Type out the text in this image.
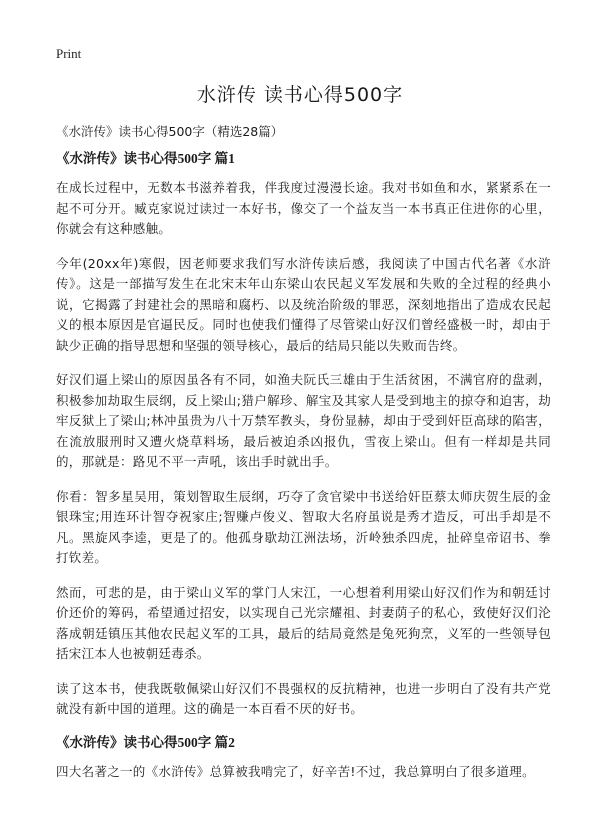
Print
水浒传 读书心得500字

《水浒传》读书心得500字（精选28篇）

《水浒传》读书心得500字 篇1

在成长过程中，无数本书滋养着我，伴我度过漫漫长途。我对书如鱼和水，紧紧系在一起不可分开。臧克家说过读过一本好书，像交了一个益友当一本书真正住进你的心里，你就会有这种感触。

今年(20xx年)寒假，因老师要求我们写水浒传读后感，我阅读了中国古代名著《水浒传》。这是一部描写发生在北宋末年山东梁山农民起义军发展和失败的全过程的经典小说，它揭露了封建社会的黑暗和腐朽、以及统治阶级的罪恶，深刻地指出了造成农民起义的根本原因是官逼民反。同时也使我们懂得了尽管梁山好汉们曾经盛极一时，却由于缺少正确的指导思想和坚强的领导核心，最后的结局只能以失败而告终。

好汉们逼上梁山的原因虽各有不同，如渔夫阮氏三雄由于生活贫困，不满官府的盘剥，积极参加劫取生辰纲，反上梁山;猎户解珍、解宝及其家人是受到地主的掠夺和迫害，劫牢反狱上了梁山;林冲虽贵为八十万禁军教头，身份显赫，却由于受到奸臣高球的陷害，在流放服刑时又遭火烧草料场，最后被迫杀凶报仇，雪夜上梁山。但有一样却是共同的，那就是：路见不平一声吼，该出手时就出手。

你看：智多星吴用，策划智取生辰纲，巧夺了贪官梁中书送给奸臣蔡太师庆贺生辰的金银珠宝;用连环计智夺祝家庄;智赚卢俊义、智取大名府虽说是秀才造反，可出手却是不凡。黑旋风李逵，更是了的。他孤身歇劫江洲法场，沂岭独杀四虎，扯碎皇帝诏书、拳打钦差。

然而，可悲的是，由于梁山义军的掌门人宋江，一心想着利用梁山好汉们作为和朝廷讨价还价的筹码，希望通过招安，以实现自己光宗耀祖、封妻荫子的私心，致使好汉们沦落成朝廷镇压其他农民起义军的工具，最后的结局竟然是兔死狗烹，义军的一些领导包括宋江本人也被朝廷毒杀。

读了这本书，使我既敬佩梁山好汉们不畏强权的反抗精神，也进一步明白了没有共产党就没有新中国的道理。这的确是一本百看不厌的好书。

《水浒传》读书心得500字 篇2

四大名著之一的《水浒传》总算被我啃完了，好辛苦!不过，我总算明白了很多道理。
